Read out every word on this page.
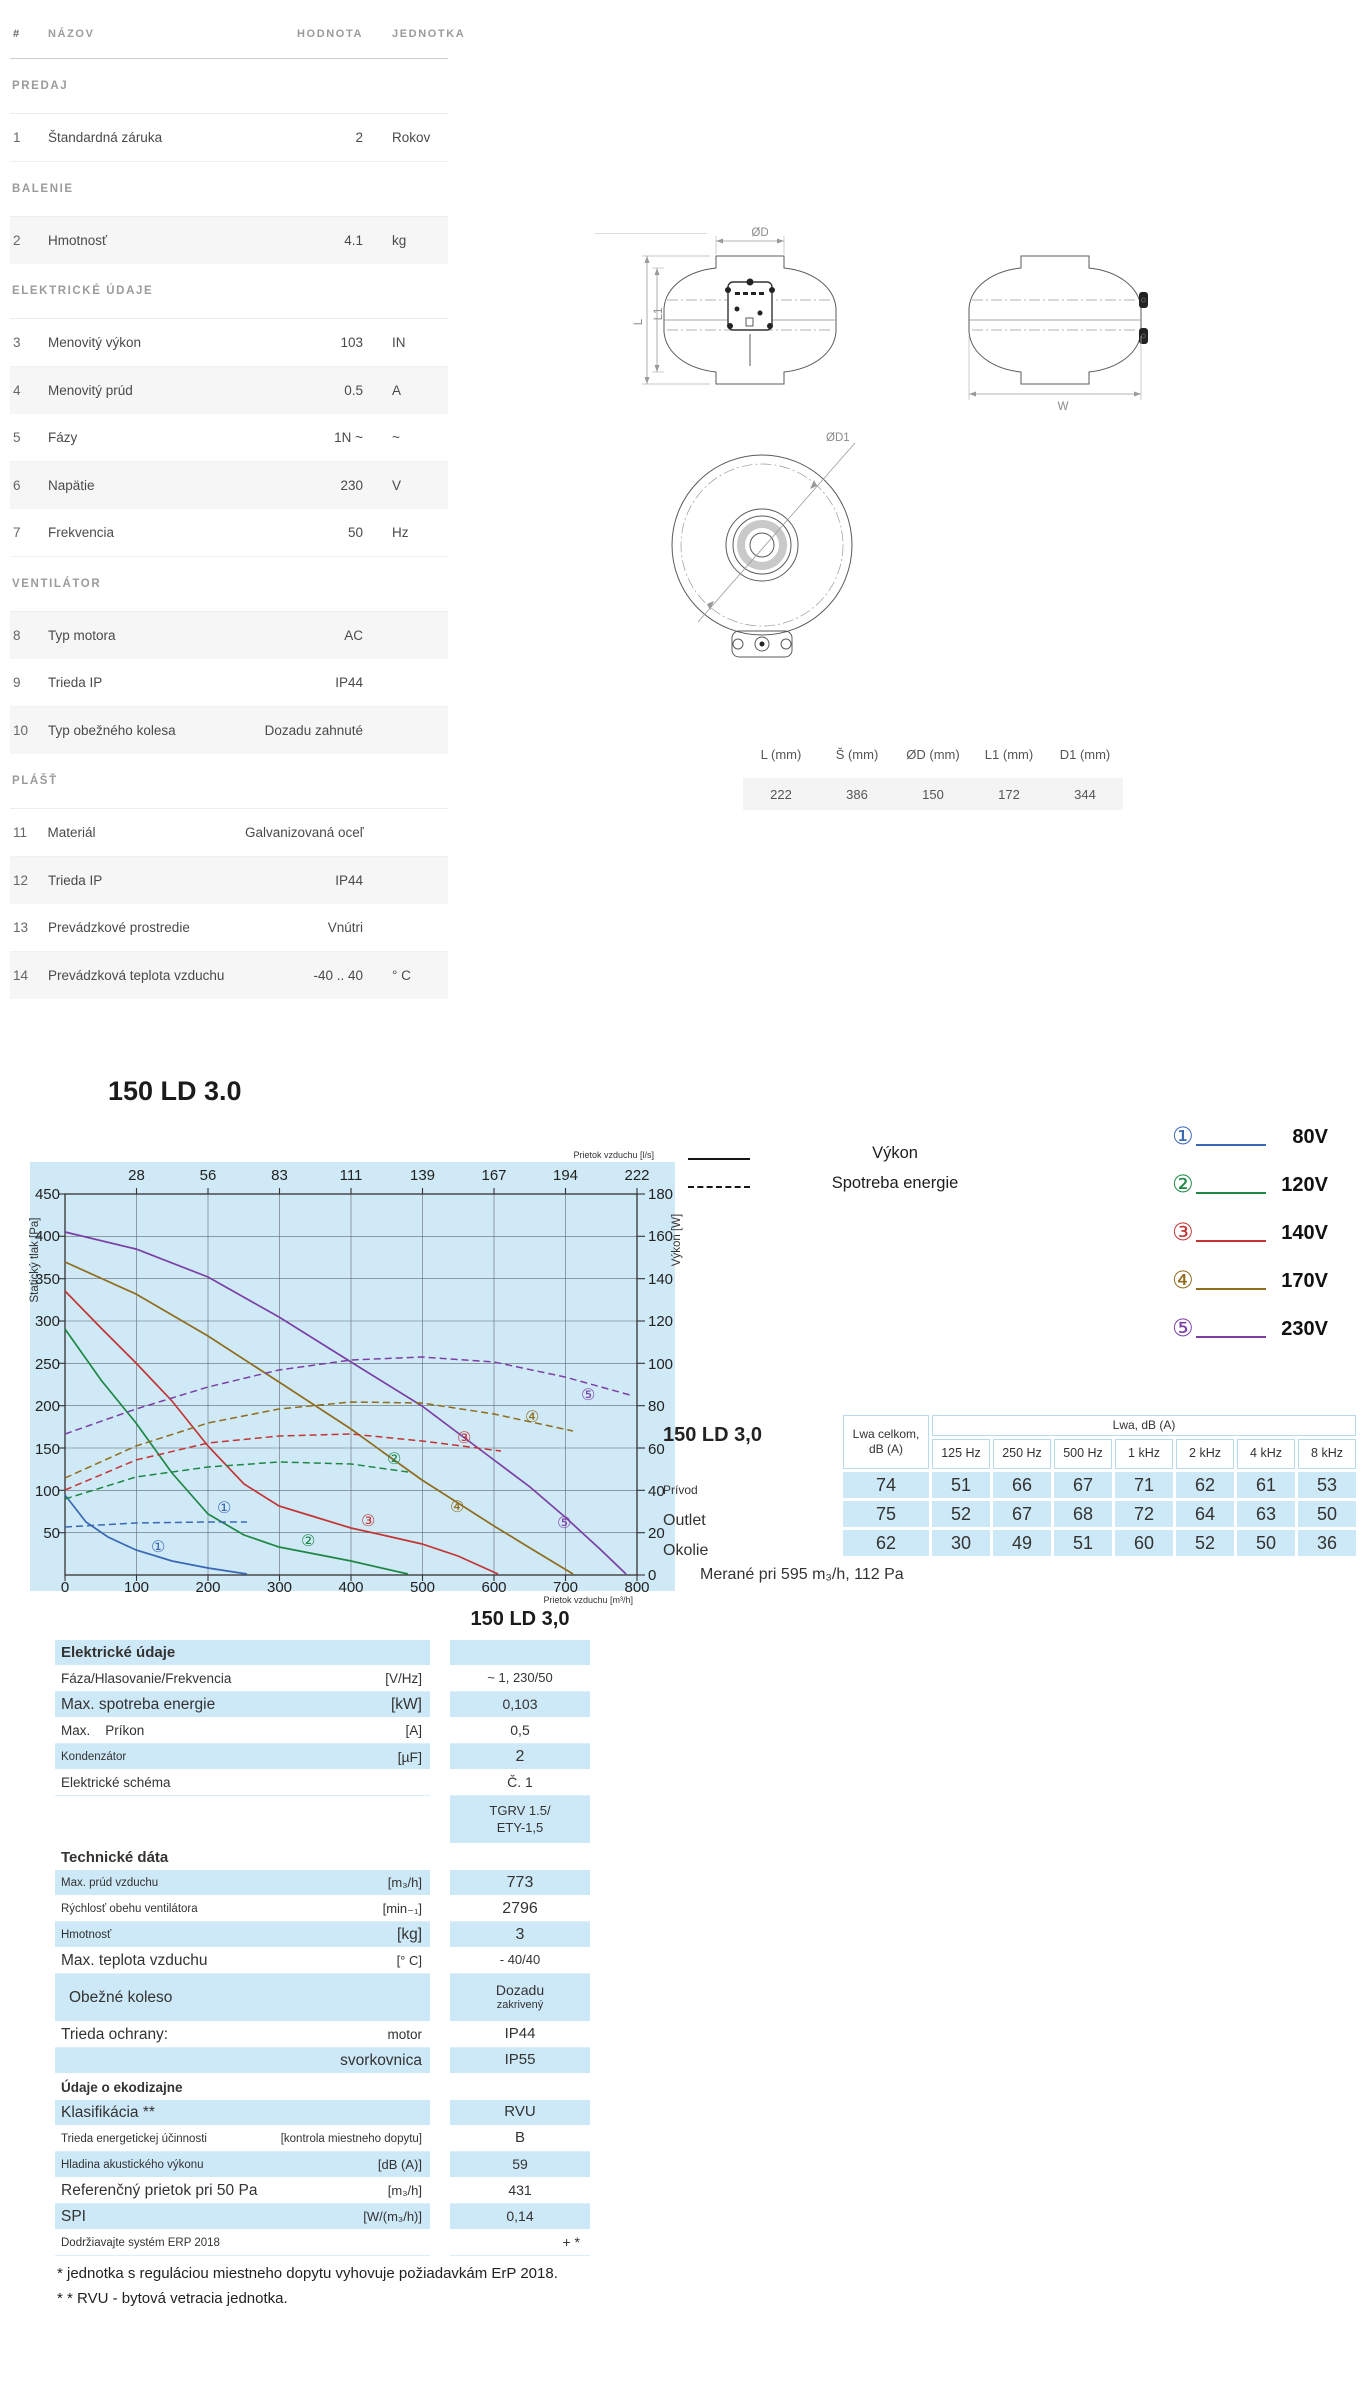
#	NÁZOV	HODNOTA	JEDNOTKA
PREDAJ
1	Štandardná záruka	2	Rokov
BALENIE
2	Hmotnosť	4.1	kg
ELEKTRICKÉ ÚDAJE
3	Menovitý výkon	103	IN
4	Menovitý prúd	0.5	A
5	Fázy	1N ~	~
6	Napätie	230	V
7	Frekvencia	50	Hz
VENTILÁTOR
8	Typ motora	AC
9	Trieda IP	IP44
10	Typ obežného kolesa	Dozadu zahnuté
PLÁŠŤ
11	Materiál	Galvanizovaná oceľ
12	Trieda IP	IP44
13	Prevádzkové prostredie	Vnútri
14	Prevádzková teplota vzduchu	-40 .. 40	° C
ØD
L
L1
W
ØD1
L (mm)	Š (mm)	ØD (mm)	L1 (mm)	D1 (mm)
222	386	150	172	344
150 LD 3.0
Prietok vzduchu [l/s]
450
400
350
300
250
200
150
100
50
180
160
140
120
100
80
60
40
20
0
28	56	83	111	139	167	194	222
0	100	200	300	400	500	600	700	800
Statický tlak [Pa]	Výkon [W]
Prietok vzduchu [m³/h]
①
①
②
②
③
③
④
④
⑤
⑤
Výkon
Spotreba energie
①	80V
②	120V
③	140V
④	170V
⑤	230V
150 LD 3,0
Prívod
Outlet
Okolie
Lwa celkom, dB (A)	Lwa, dB (A)						
	125 Hz	250 Hz	500 Hz	1 kHz	2 kHz	4 kHz	8 kHz
74	51	66	67	71	62	61	53
75	52	67	68	72	64	63	50
62	30	49	51	60	52	50	36
Merané pri 595 m₃/h, 112 Pa
150 LD 3,0
Elektrické údaje
Fáza/Hlasovanie/Frekvencia	[V/Hz]	~ 1, 230/50
Max. spotreba energie	[kW]	0,103
Max.    Príkon	[A]	0,5
Kondenzátor	[µF]	2
Elektrické schéma	Č. 1
TGRV 1.5/
ETY-1,5
Technické dáta
Max. prúd vzduchu	[m₃/h]	773
Rýchlosť obehu ventilátora	[min₋₁]	2796
Hmotnosť	[kg]	3
Max. teplota vzduchu	[° C]	- 40/40
Obežné koleso	Dozadu
zakrivený
Trieda ochrany:	motor	IP44
svorkovnica	IP55
Údaje o ekodizajne
Klasifikácia **	RVU
Trieda energetickej účinnosti	[kontrola miestneho dopytu]	B
Hladina akustického výkonu	[dB (A)]	59
Referenčný prietok pri 50 Pa	[m₃/h]	431
SPI	[W/(m₃/h)]	0,14
Dodržiavajte systém ERP 2018	+ *
* jednotka s reguláciou miestneho dopytu vyhovuje požiadavkám ErP 2018.
* * RVU - bytová vetracia jednotka.
